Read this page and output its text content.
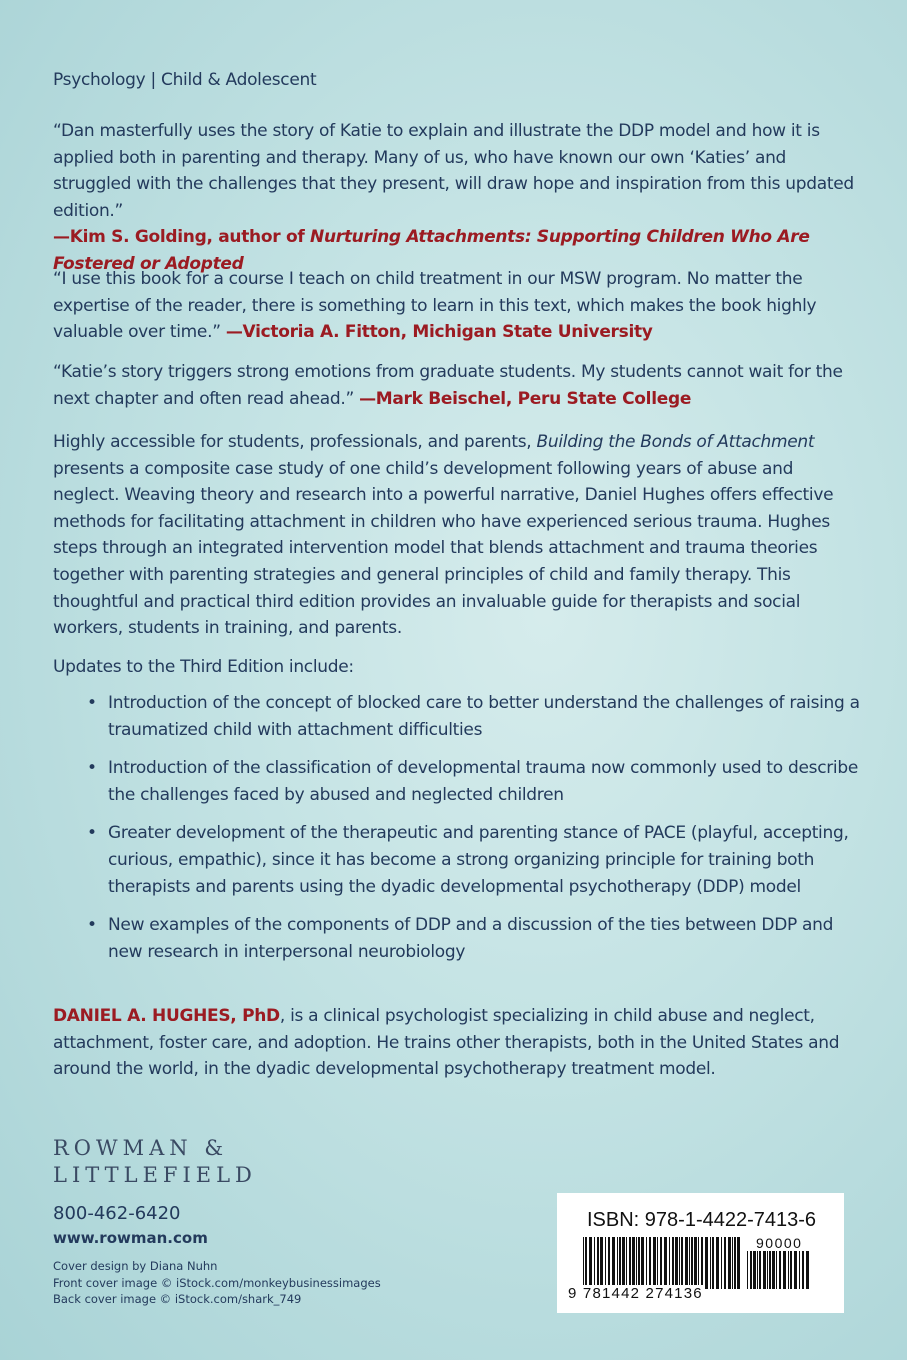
Psychology | Child & Adolescent
“Dan masterfully uses the story of Katie to explain and illustrate the DDP model and how it is applied both in parenting and therapy. Many of us, who have known our own ‘Katies’ and struggled with the challenges that they present, will draw hope and inspiration from this updated edition.”
—Kim S. Golding, author of Nurturing Attachments: Supporting Children Who Are Fostered or Adopted
“I use this book for a course I teach on child treatment in our MSW program. No matter the expertise of the reader, there is something to learn in this text, which makes the book highly valuable over time.” —Victoria A. Fitton, Michigan State University
“Katie’s story triggers strong emotions from graduate students. My students cannot wait for the next chapter and often read ahead.” —Mark Beischel, Peru State College
Highly accessible for students, professionals, and parents, Building the Bonds of Attachment presents a composite case study of one child’s development following years of abuse and neglect. Weaving theory and research into a powerful narrative, Daniel Hughes offers effective methods for facilitating attachment in children who have experienced serious trauma. Hughes steps through an integrated intervention model that blends attachment and trauma theories together with parenting strategies and general principles of child and family therapy. This thoughtful and practical third edition provides an invaluable guide for therapists and social workers, students in training, and parents.
Updates to the Third Edition include:
• Introduction of the concept of blocked care to better understand the challenges of raising a traumatized child with attachment difficulties
• Introduction of the classification of developmental trauma now commonly used to describe the challenges faced by abused and neglected children
• Greater development of the therapeutic and parenting stance of PACE (playful, accepting, curious, empathic), since it has become a strong organizing principle for training both therapists and parents using the dyadic developmental psychotherapy (DDP) model
• New examples of the components of DDP and a discussion of the ties between DDP and new research in interpersonal neurobiology
DANIEL A. HUGHES, PhD, is a clinical psychologist specializing in child abuse and neglect, attachment, foster care, and adoption. He trains other therapists, both in the United States and around the world, in the dyadic developmental psychotherapy treatment model.
ROWMAN &
LITTLEFIELD
800-462-6420
www.rowman.com
Cover design by Diana Nuhn
Front cover image © iStock.com/monkeybusinessimages
Back cover image © iStock.com/shark_749
ISBN: 978-1-4422-7413-6
90000
9 781442 274136
